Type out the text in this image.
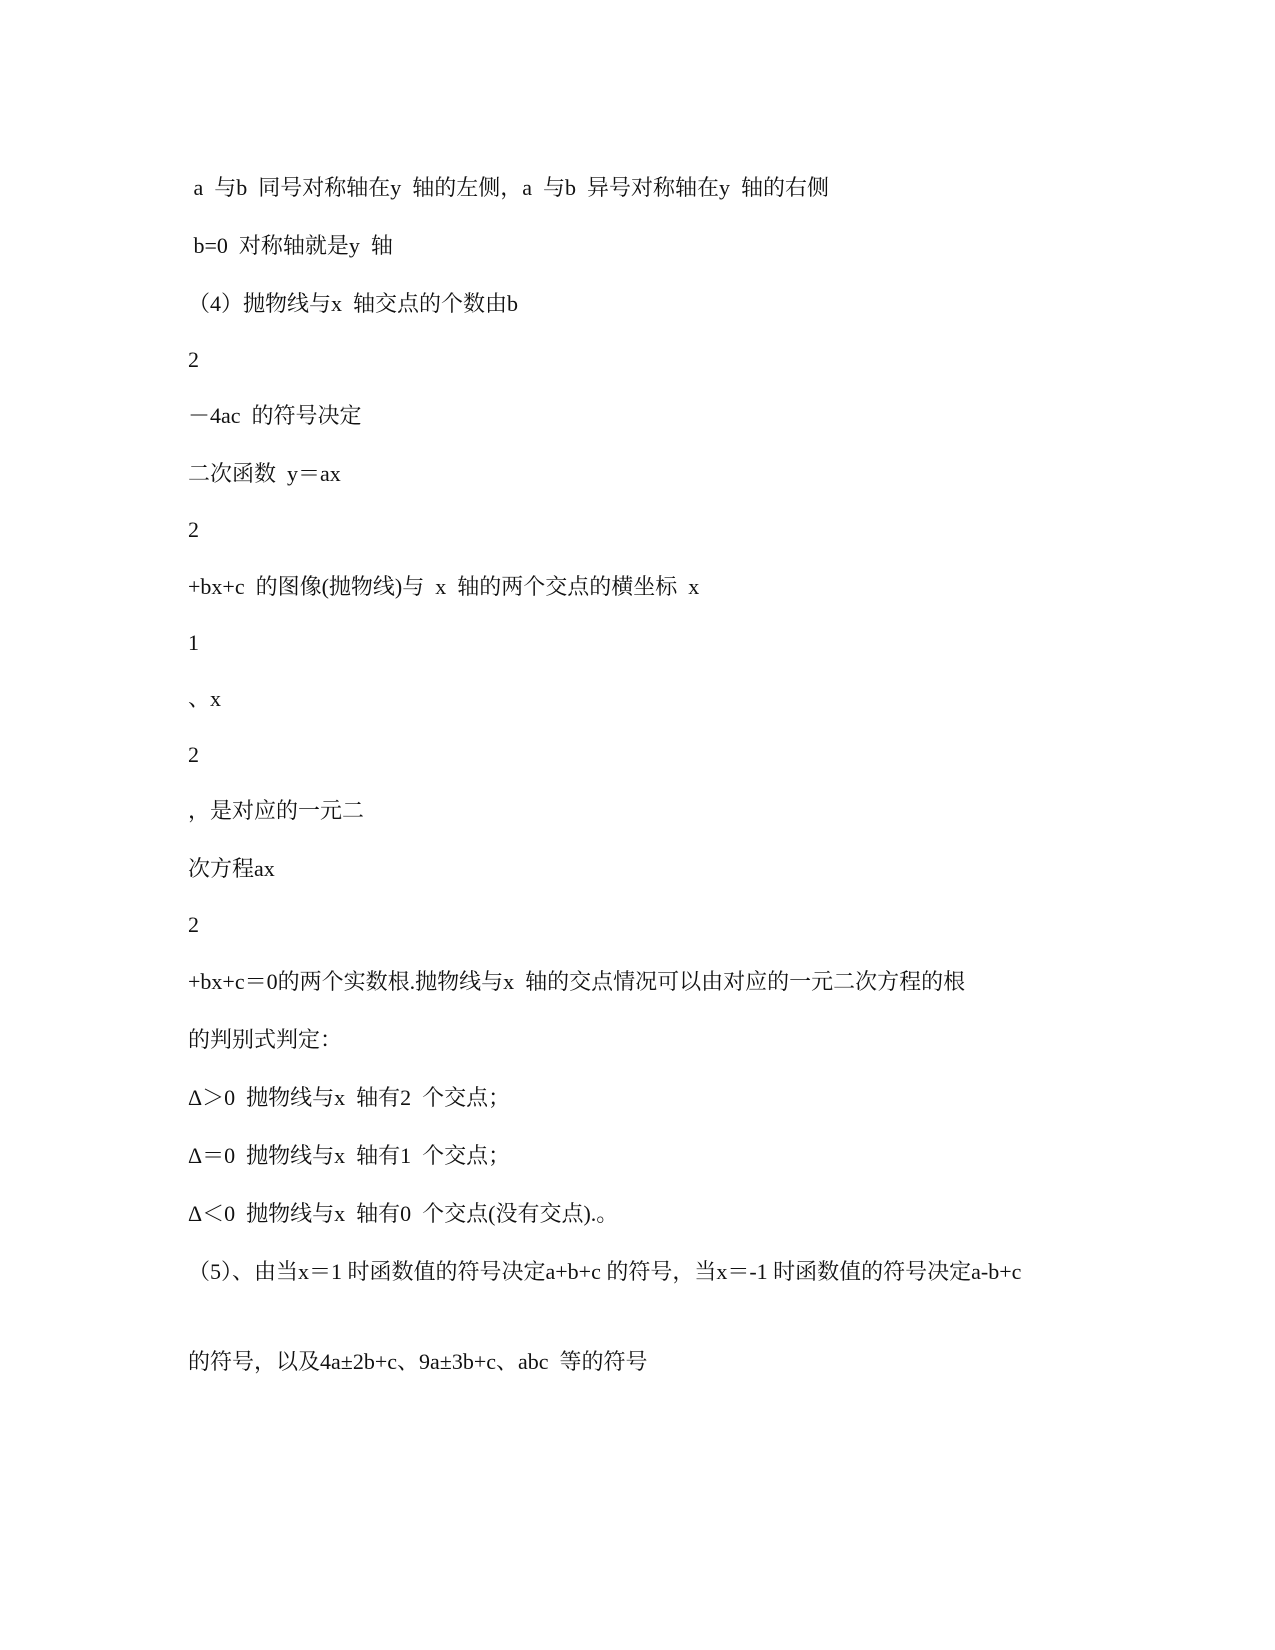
a  与b  同号对称轴在y  轴的左侧，a  与b  异号对称轴在y  轴的右侧
b=0  对称轴就是y  轴
（4）抛物线与x  轴交点的个数由b
2
－4ac  的符号决定
二次函数  y＝ax
2
+bx+c  的图像(抛物线)与  x  轴的两个交点的横坐标  x
1
、x
2
，是对应的一元二
次方程ax
2
+bx+c＝0的两个实数根.抛物线与x  轴的交点情况可以由对应的一元二次方程的根
的判别式判定：
Δ＞0  抛物线与x  轴有2  个交点；
Δ＝0  抛物线与x  轴有1  个交点；
Δ＜0  抛物线与x  轴有0  个交点(没有交点).。
（5）、由当x＝1 时函数值的符号决定a+b+c 的符号，当x＝-1 时函数值的符号决定a-b+c
的符号，以及4a±2b+c、9a±3b+c、abc  等的符号
